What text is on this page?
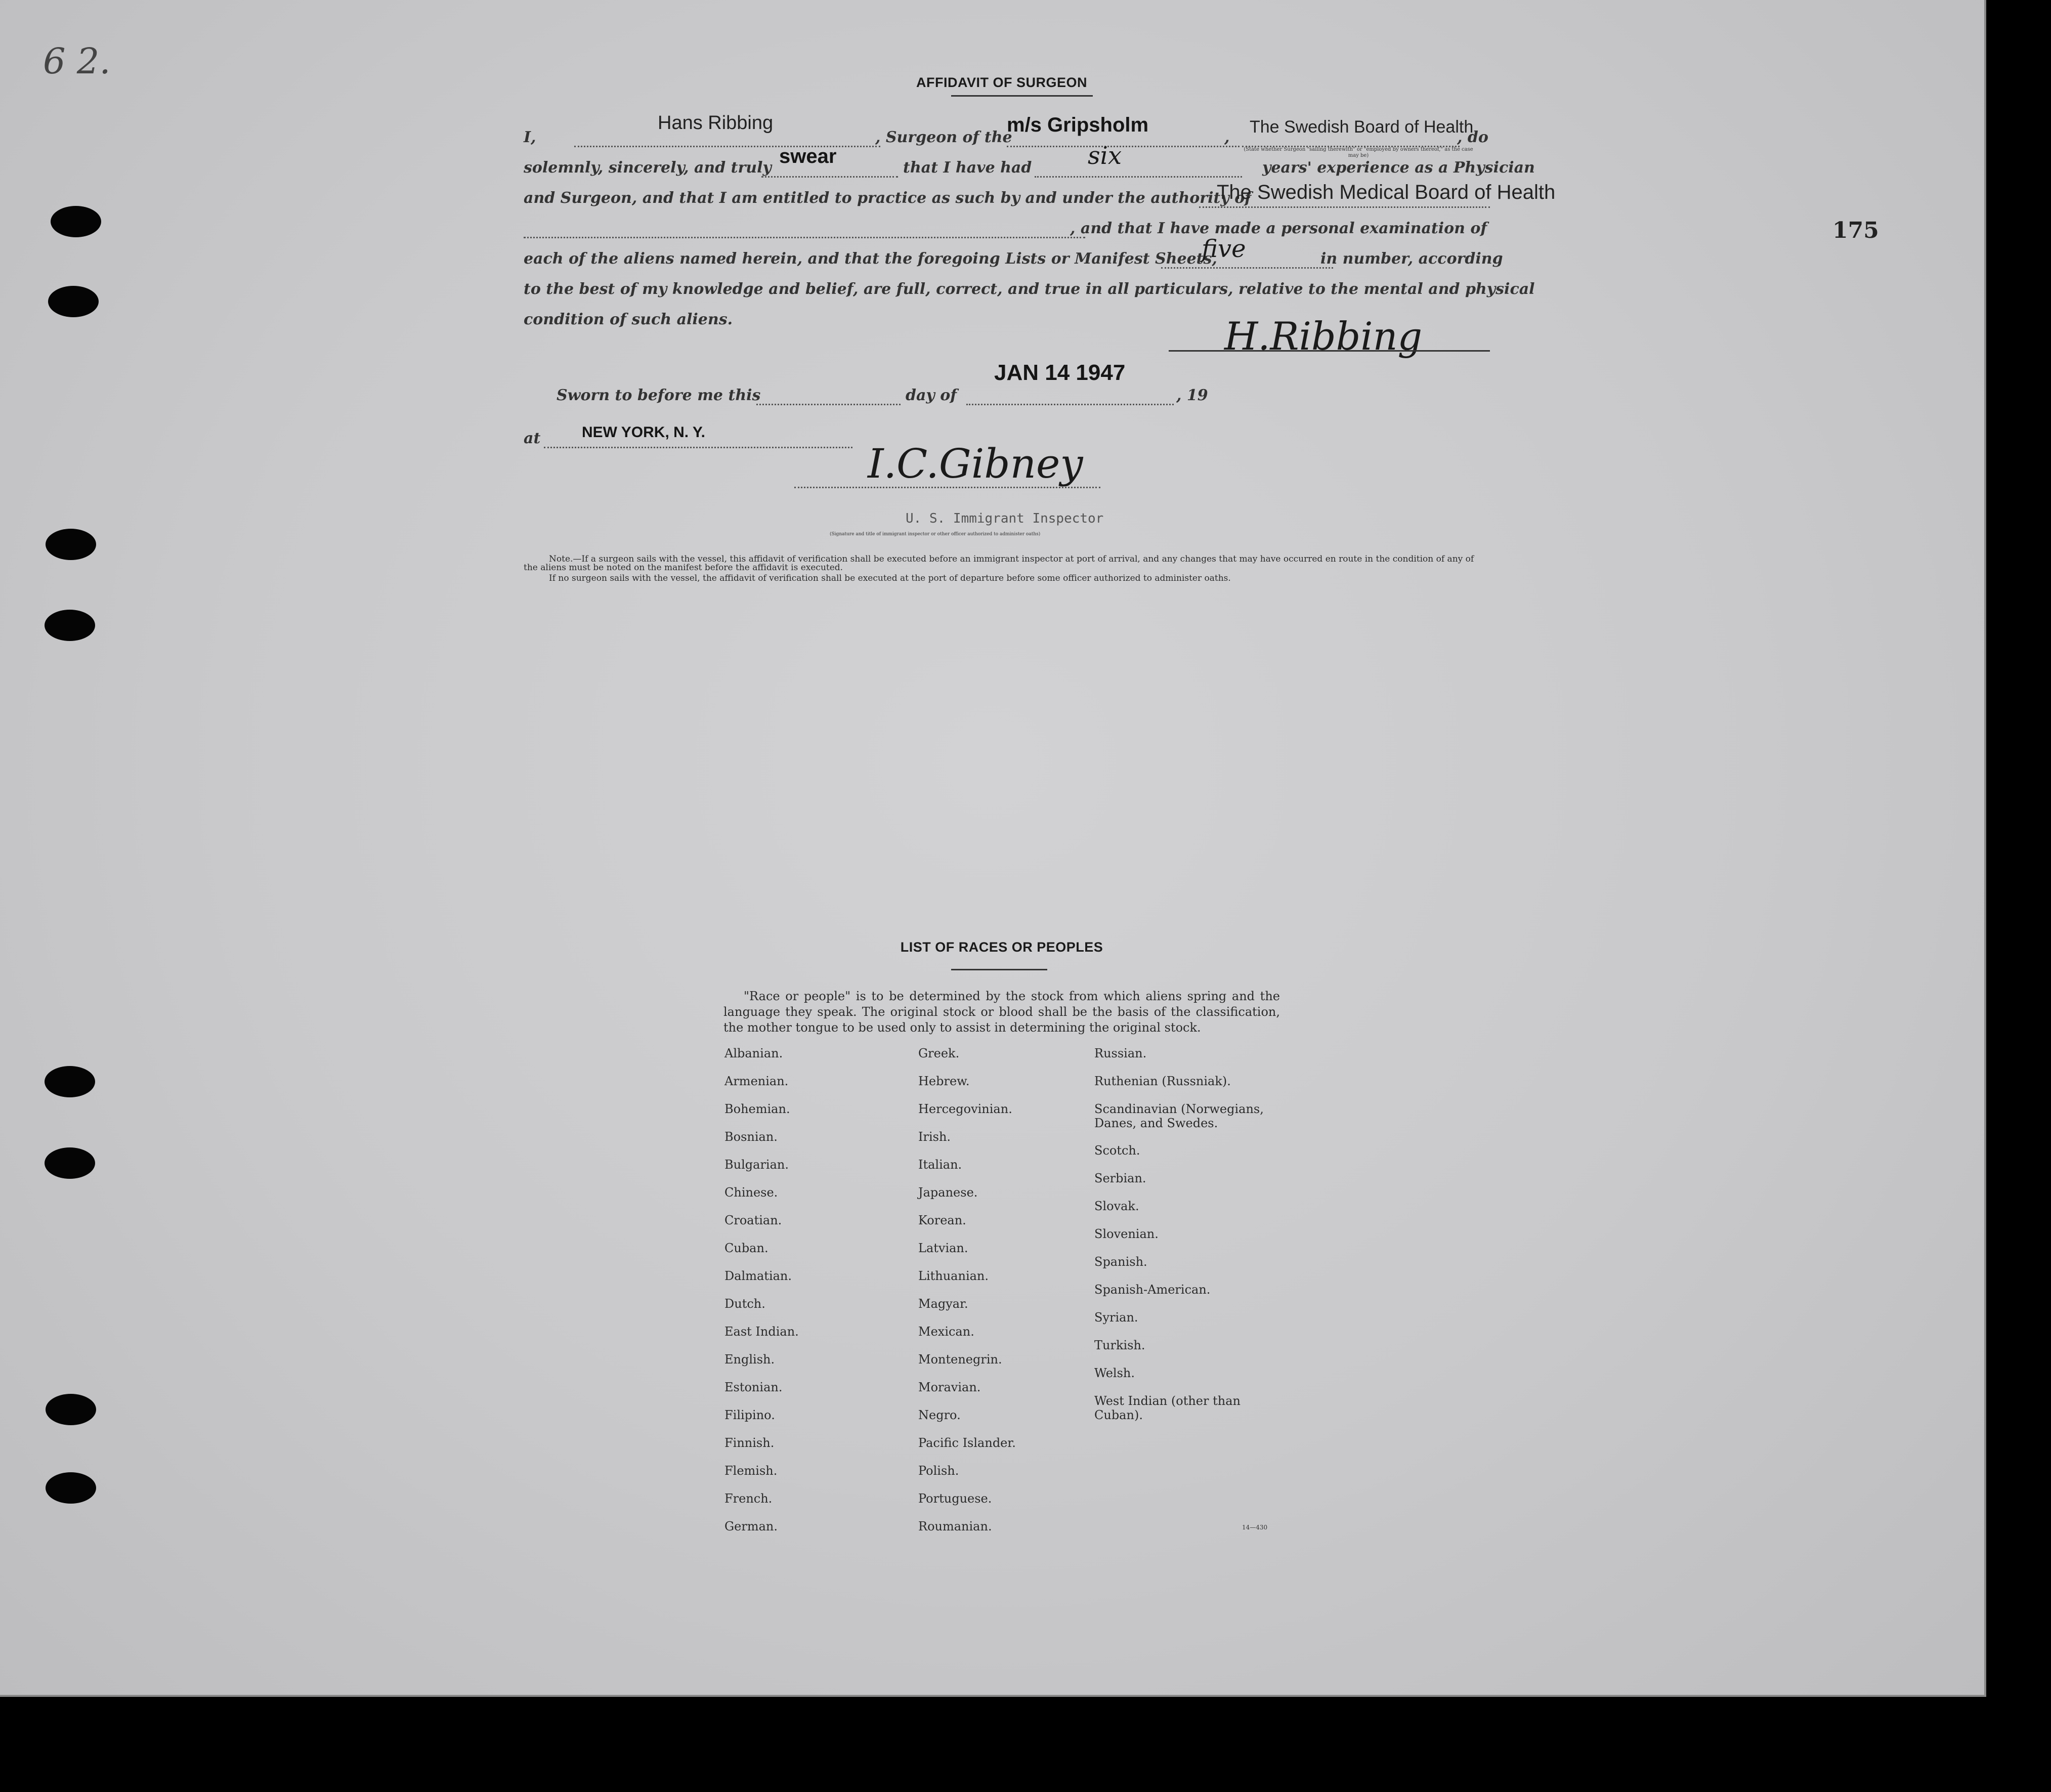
6 2.
175
AFFIDAVIT OF SURGEON
I,	, Surgeon of the	,	, do
Hans Ribbing	m/s Gripsholm	The Swedish Board of Health
(State whether Surgeon "sailing therewith" or "employed by owners thereof," as the case may be)
solemnly, sincerely, and truly	that I have had	years' experience as a Physician
swear	six
and Surgeon, and that I am entitled to practice as such by and under the authority of
The Swedish Medical Board of Health
, and that I have made a personal examination of
each of the aliens named herein, and that the foregoing Lists or Manifest Sheets,	in number, according
five
to the best of my knowledge and belief, are full, correct, and true in all particulars, relative to the mental and physical
condition of such aliens.	H.Ribbing
Sworn to before me this	day of	, 19
JAN 14 1947
at	NEW YORK, N. Y.
I.C.Gibney
U. S. Immigrant Inspector
(Signature and title of immigrant inspector or other officer authorized to administer oaths)
Note.—If a surgeon sails with the vessel, this affidavit of verification shall be executed before an immigrant inspector at port of arrival, and any changes that may have occurred en route in the condition of any of the aliens must be noted on the manifest before the affidavit is executed.
If no surgeon sails with the vessel, the affidavit of verification shall be executed at the port of departure before some officer authorized to administer oaths.
LIST OF RACES OR PEOPLES
"Race or people" is to be determined by the stock from which aliens spring and the language they speak. The original stock or blood shall be the basis of the classification, the mother tongue to be used only to assist in determining the original stock.
Albanian.
Armenian.
Bohemian.
Bosnian.
Bulgarian.
Chinese.
Croatian.
Cuban.
Dalmatian.
Dutch.
East Indian.
English.
Estonian.
Filipino.
Finnish.
Flemish.
French.
German.
Greek.
Hebrew.
Hercegovinian.
Irish.
Italian.
Japanese.
Korean.
Latvian.
Lithuanian.
Magyar.
Mexican.
Montenegrin.
Moravian.
Negro.
Pacific Islander.
Polish.
Portuguese.
Roumanian.
Russian.
Ruthenian (Russniak).
Scandinavian (Norwegians, Danes, and Swedes.
Scotch.
Serbian.
Slovak.
Slovenian.
Spanish.
Spanish-American.
Syrian.
Turkish.
Welsh.
West Indian (other than Cuban).
14—430
